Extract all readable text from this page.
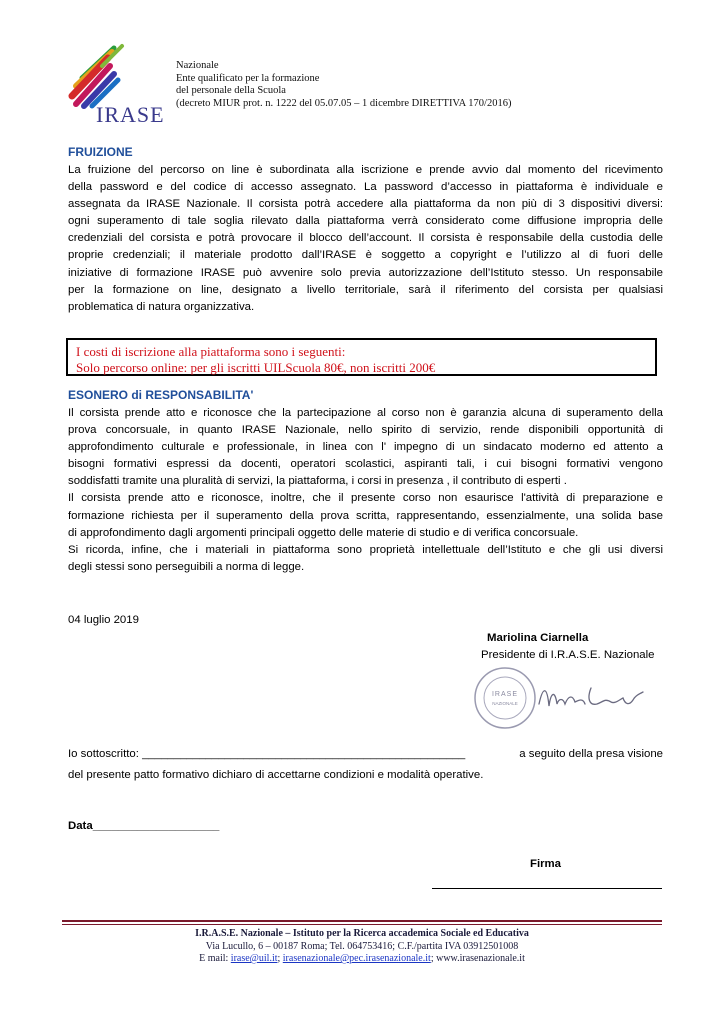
IRASE
Nazionale
Ente qualificato per la formazione
del personale della Scuola
(decreto MIUR prot. n. 1222 del 05.07.05 – 1 dicembre DIRETTIVA 170/2016)
FRUIZIONE
La fruizione del percorso on line è subordinata alla iscrizione e prende avvio dal momento del ricevimento
della password e del codice di accesso assegnato. La password d’accesso in piattaforma è individuale e
assegnata da IRASE Nazionale. Il corsista potrà accedere alla piattaforma da non più di 3 dispositivi diversi:
ogni superamento di tale soglia rilevato dalla piattaforma verrà considerato come diffusione impropria delle
credenziali del corsista e potrà provocare il blocco dell’account. Il corsista è responsabile della custodia delle
proprie credenziali; il materiale prodotto dall’IRASE è soggetto a copyright e l’utilizzo al di fuori delle
iniziative di formazione IRASE può avvenire solo previa autorizzazione dell’Istituto stesso. Un responsabile
per la formazione on line, designato a livello territoriale, sarà il riferimento del corsista per qualsiasi
problematica di natura organizzativa.
I costi di iscrizione alla piattaforma sono i seguenti:
Solo percorso online: per gli iscritti UILScuola 80€, non iscritti 200€
ESONERO di RESPONSABILITA'
Il corsista prende atto e riconosce che la partecipazione al corso non è garanzia alcuna di superamento della
prova concorsuale, in quanto IRASE Nazionale, nello spirito di servizio, rende disponibili opportunità di
approfondimento culturale e professionale, in linea con l' impegno di un sindacato moderno ed attento a
bisogni formativi espressi da docenti, operatori scolastici, aspiranti tali, i cui bisogni formativi vengono
soddisfatti tramite una pluralità di servizi, la piattaforma, i corsi in presenza , il contributo di esperti .
Il corsista prende atto e riconosce, inoltre, che il presente corso non esaurisce l'attività di preparazione e
formazione richiesta per il superamento della prova scritta, rappresentando, essenzialmente, una solida base
di approfondimento dagli argomenti principali oggetto delle materie di studio e di verifica concorsuale.
Si ricorda, infine, che i materiali in piattaforma sono proprietà intellettuale dell’Istituto e che gli usi diversi
degli stessi sono perseguibili a norma di legge.
04 luglio 2019
Mariolina Ciarnella
Presidente di I.R.A.S.E. Nazionale
IRASE
NAZIONALE
Io sottoscritto: ___________________________________________________	a seguito della presa visione
del presente patto formativo dichiaro di accettarne condizioni e modalità operative.
Data____________________
Firma
I.R.A.S.E. Nazionale – Istituto per la Ricerca accademica Sociale ed Educativa
Via Lucullo, 6 – 00187 Roma; Tel. 064753416; C.F./partita IVA 03912501008
E mail: irase@uil.it; irasenazionale@pec.irasenazionale.it; www.irasenazionale.it
